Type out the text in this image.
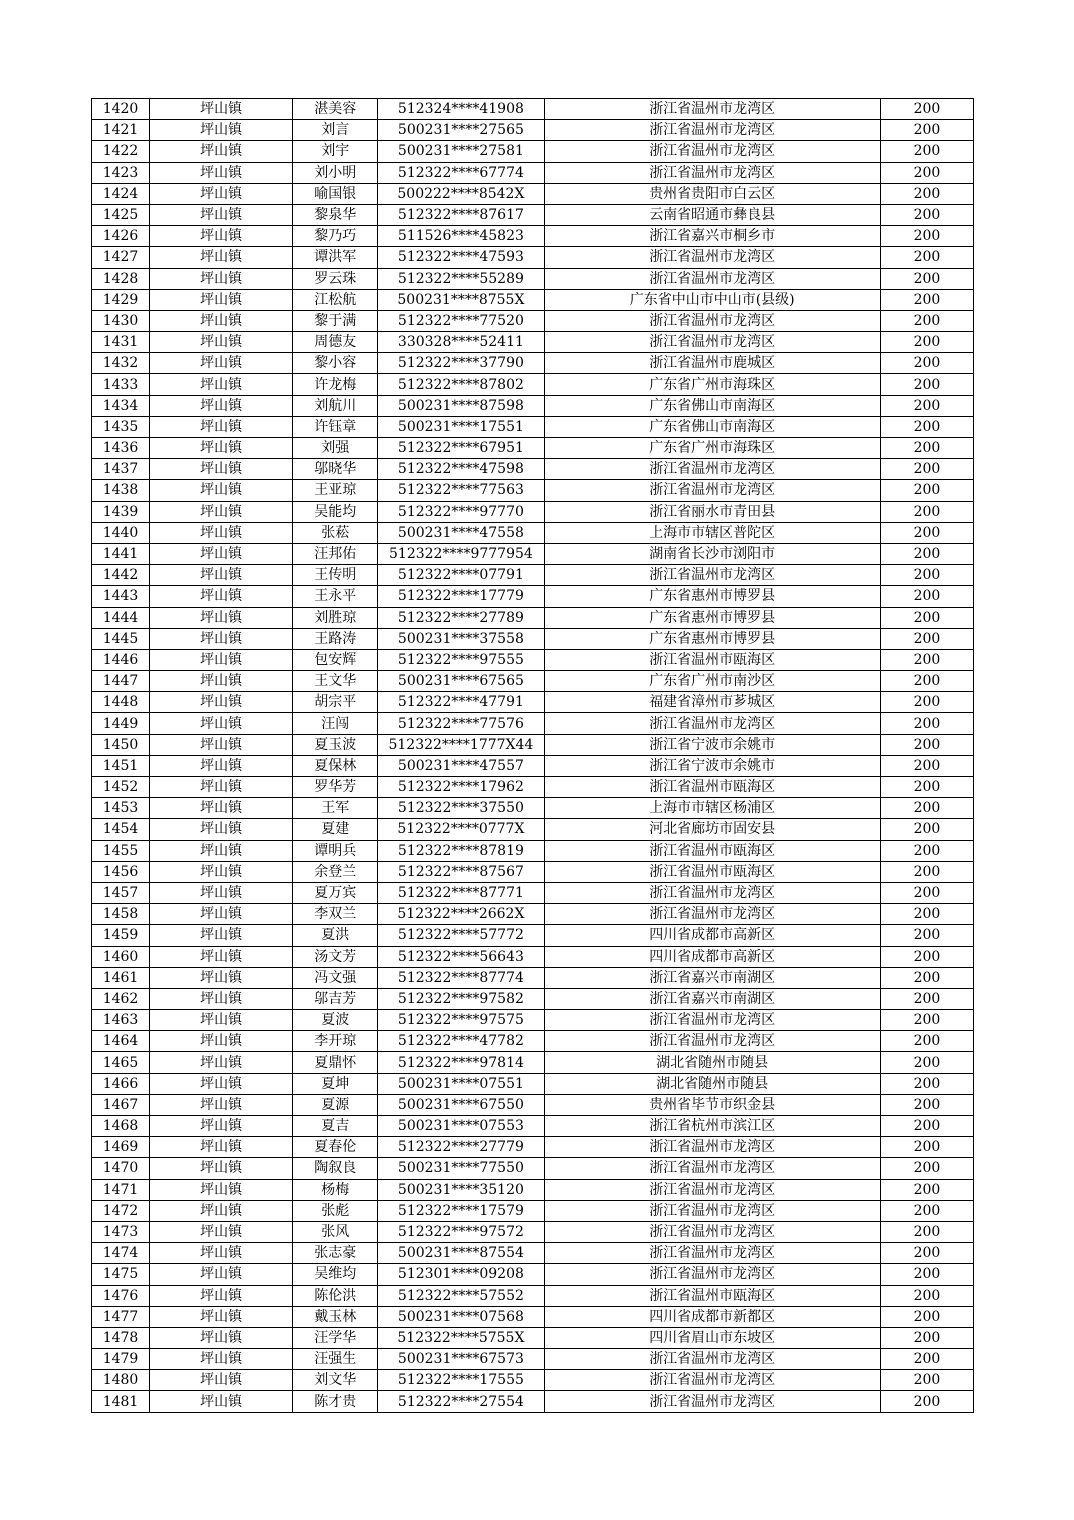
1420	坪山镇	湛美容	512324****41908	浙江省温州市龙湾区	200
1421	坪山镇	刘言	500231****27565	浙江省温州市龙湾区	200
1422	坪山镇	刘宇	500231****27581	浙江省温州市龙湾区	200
1423	坪山镇	刘小明	512322****67774	浙江省温州市龙湾区	200
1424	坪山镇	喻国银	500222****8542X	贵州省贵阳市白云区	200
1425	坪山镇	黎泉华	512322****87617	云南省昭通市彝良县	200
1426	坪山镇	黎乃巧	511526****45823	浙江省嘉兴市桐乡市	200
1427	坪山镇	谭洪军	512322****47593	浙江省温州市龙湾区	200
1428	坪山镇	罗云珠	512322****55289	浙江省温州市龙湾区	200
1429	坪山镇	江松航	500231****8755X	广东省中山市中山市(县级)	200
1430	坪山镇	黎于满	512322****77520	浙江省温州市龙湾区	200
1431	坪山镇	周德友	330328****52411	浙江省温州市龙湾区	200
1432	坪山镇	黎小容	512322****37790	浙江省温州市鹿城区	200
1433	坪山镇	许龙梅	512322****87802	广东省广州市海珠区	200
1434	坪山镇	刘航川	500231****87598	广东省佛山市南海区	200
1435	坪山镇	许钰章	500231****17551	广东省佛山市南海区	200
1436	坪山镇	刘强	512322****67951	广东省广州市海珠区	200
1437	坪山镇	邬晓华	512322****47598	浙江省温州市龙湾区	200
1438	坪山镇	王亚琼	512322****77563	浙江省温州市龙湾区	200
1439	坪山镇	吴能均	512322****97770	浙江省丽水市青田县	200
1440	坪山镇	张菘	500231****47558	上海市市辖区普陀区	200
1441	坪山镇	汪邦佑	512322****9777954	湖南省长沙市浏阳市	200
1442	坪山镇	王传明	512322****07791	浙江省温州市龙湾区	200
1443	坪山镇	王永平	512322****17779	广东省惠州市博罗县	200
1444	坪山镇	刘胜琼	512322****27789	广东省惠州市博罗县	200
1445	坪山镇	王路涛	500231****37558	广东省惠州市博罗县	200
1446	坪山镇	包安辉	512322****97555	浙江省温州市瓯海区	200
1447	坪山镇	王文华	500231****67565	广东省广州市南沙区	200
1448	坪山镇	胡宗平	512322****47791	福建省漳州市芗城区	200
1449	坪山镇	汪闯	512322****77576	浙江省温州市龙湾区	200
1450	坪山镇	夏玉波	512322****1777X44	浙江省宁波市余姚市	200
1451	坪山镇	夏保林	500231****47557	浙江省宁波市余姚市	200
1452	坪山镇	罗华芳	512322****17962	浙江省温州市瓯海区	200
1453	坪山镇	王军	512322****37550	上海市市辖区杨浦区	200
1454	坪山镇	夏建	512322****0777X	河北省廊坊市固安县	200
1455	坪山镇	谭明兵	512322****87819	浙江省温州市瓯海区	200
1456	坪山镇	余登兰	512322****87567	浙江省温州市瓯海区	200
1457	坪山镇	夏万宾	512322****87771	浙江省温州市龙湾区	200
1458	坪山镇	李双兰	512322****2662X	浙江省温州市龙湾区	200
1459	坪山镇	夏洪	512322****57772	四川省成都市高新区	200
1460	坪山镇	汤文芳	512322****56643	四川省成都市高新区	200
1461	坪山镇	冯文强	512322****87774	浙江省嘉兴市南湖区	200
1462	坪山镇	邬吉芳	512322****97582	浙江省嘉兴市南湖区	200
1463	坪山镇	夏波	512322****97575	浙江省温州市龙湾区	200
1464	坪山镇	李开琼	512322****47782	浙江省温州市龙湾区	200
1465	坪山镇	夏鼎怀	512322****97814	湖北省随州市随县	200
1466	坪山镇	夏坤	500231****07551	湖北省随州市随县	200
1467	坪山镇	夏源	500231****67550	贵州省毕节市织金县	200
1468	坪山镇	夏吉	500231****07553	浙江省杭州市滨江区	200
1469	坪山镇	夏春伦	512322****27779	浙江省温州市龙湾区	200
1470	坪山镇	陶叙良	500231****77550	浙江省温州市龙湾区	200
1471	坪山镇	杨梅	500231****35120	浙江省温州市龙湾区	200
1472	坪山镇	张彪	512322****17579	浙江省温州市龙湾区	200
1473	坪山镇	张风	512322****97572	浙江省温州市龙湾区	200
1474	坪山镇	张志豪	500231****87554	浙江省温州市龙湾区	200
1475	坪山镇	吴维均	512301****09208	浙江省温州市龙湾区	200
1476	坪山镇	陈伦洪	512322****57552	浙江省温州市瓯海区	200
1477	坪山镇	戴玉林	500231****07568	四川省成都市新都区	200
1478	坪山镇	汪学华	512322****5755X	四川省眉山市东坡区	200
1479	坪山镇	汪强生	500231****67573	浙江省温州市龙湾区	200
1480	坪山镇	刘文华	512322****17555	浙江省温州市龙湾区	200
1481	坪山镇	陈才贵	512322****27554	浙江省温州市龙湾区	200
